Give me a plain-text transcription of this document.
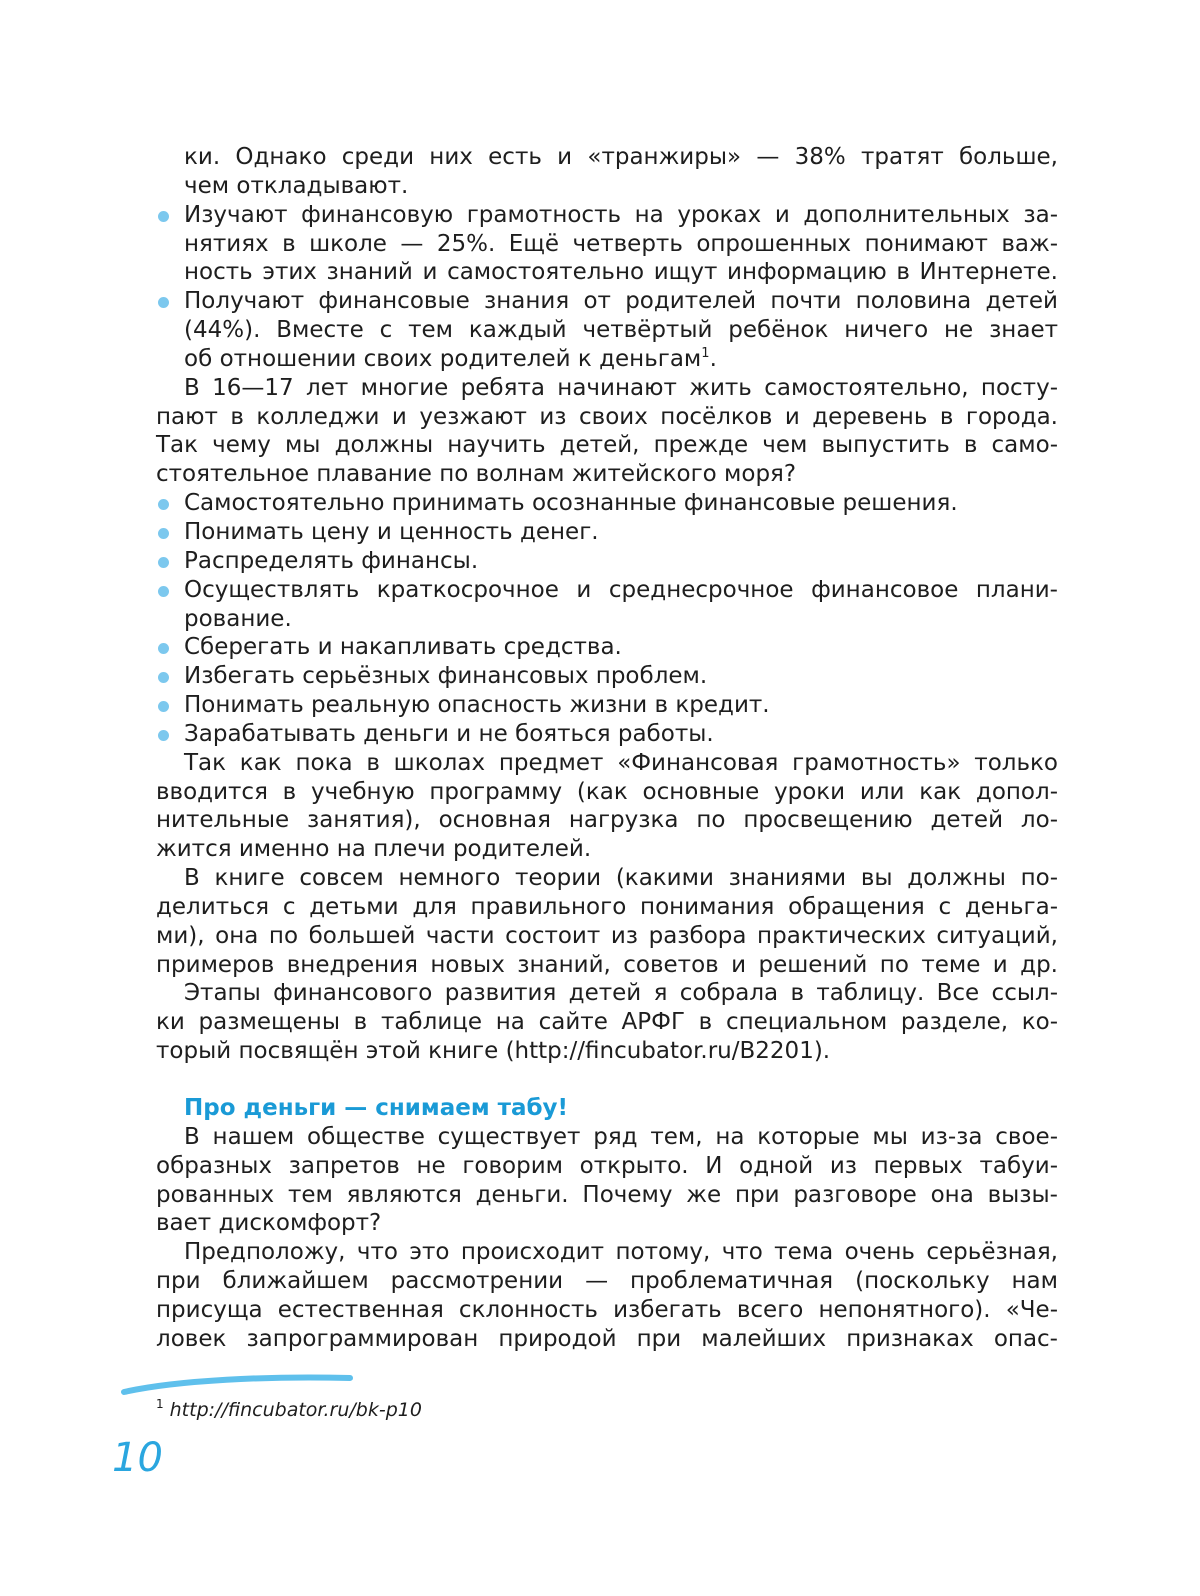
ки. Однако среди них есть и «транжиры» — 38% тратят больше,
чем откладывают.
Изучают финансовую грамотность на уроках и дополнительных за-
нятиях в школе — 25%. Ещё четверть опрошенных понимают важ-
ность этих знаний и самостоятельно ищут информацию в Интернете.
Получают финансовые знания от родителей почти половина детей
(44%). Вместе с тем каждый четвёртый ребёнок ничего не знает
об отношении своих родителей к деньгам$^1$.
В 16—17 лет многие ребята начинают жить самостоятельно, посту-
пают в колледжи и уезжают из своих посёлков и деревень в города.
Так чему мы должны научить детей, прежде чем выпустить в само-
стоятельное плавание по волнам житейского моря?
Самостоятельно принимать осознанные финансовые решения.
Понимать цену и ценность денег.
Распределять финансы.
Осуществлять краткосрочное и среднесрочное финансовое плани-
рование.
Сберегать и накапливать средства.
Избегать серьёзных финансовых проблем.
Понимать реальную опасность жизни в кредит.
Зарабатывать деньги и не бояться работы.
Так как пока в школах предмет «Финансовая грамотность» только
вводится в учебную программу (как основные уроки или как допол-
нительные занятия), основная нагрузка по просвещению детей ло-
жится именно на плечи родителей.
В книге совсем немного теории (какими знаниями вы должны по-
делиться с детьми для правильного понимания обращения с деньга-
ми), она по большей части состоит из разбора практических ситуаций,
примеров внедрения новых знаний, советов и решений по теме и др.
Этапы финансового развития детей я собрала в таблицу. Все ссыл-
ки размещены в таблице на сайте АРФГ в специальном разделе, ко-
торый посвящён этой книге (http://fincubator.ru/B2201).
Про деньги — снимаем табу!
В нашем обществе существует ряд тем, на которые мы из-за свое-
образных запретов не говорим открыто. И одной из первых табуи-
рованных тем являются деньги. Почему же при разговоре она вызы-
вает дискомфорт?
Предположу, что это происходит потому, что тема очень серьёзная,
при ближайшем рассмотрении — проблематичная (поскольку нам
присуща естественная склонность избегать всего непонятного). «Че-
ловек запрограммирован природой при малейших признаках опас-
$^1$ http://fincubator.ru/bk-p10
10
